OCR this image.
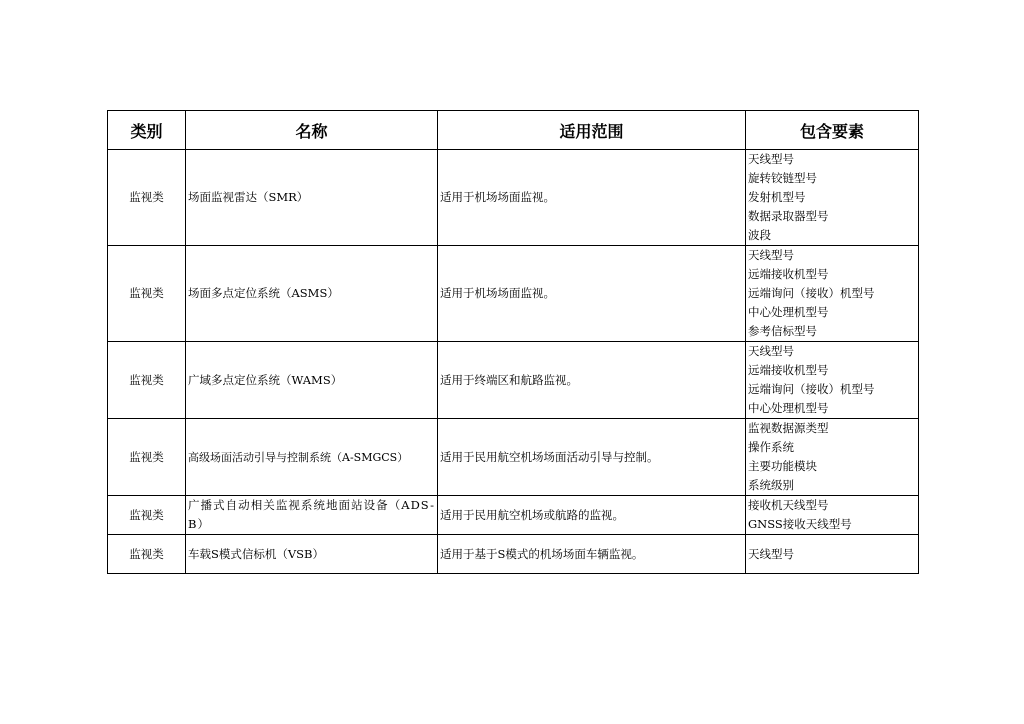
类别	名称	适用范围	包含要素
监视类	场面监视雷达（SMR）	适用于机场场面监视。	天线型号
旋转铰链型号
发射机型号
数据录取器型号
波段

监视类	场面多点定位系统（ASMS）	适用于机场场面监视。	天线型号
远端接收机型号
远端询问（接收）机型号
中心处理机型号
参考信标型号

监视类	广域多点定位系统（WAMS）	适用于终端区和航路监视。	天线型号
远端接收机型号
远端询问（接收）机型号
中心处理机型号

监视类	高级场面活动引导与控制系统（A-SMGCS）	适用于民用航空机场场面活动引导与控制。	监视数据源类型
操作系统
主要功能模块
系统级别

监视类	广播式自动相关监视系统地面站设备（ADS-B）	适用于民用航空机场或航路的监视。	接收机天线型号
GNSS接收天线型号

监视类	车载S模式信标机（VSB）	适用于基于S模式的机场场面车辆监视。	天线型号
